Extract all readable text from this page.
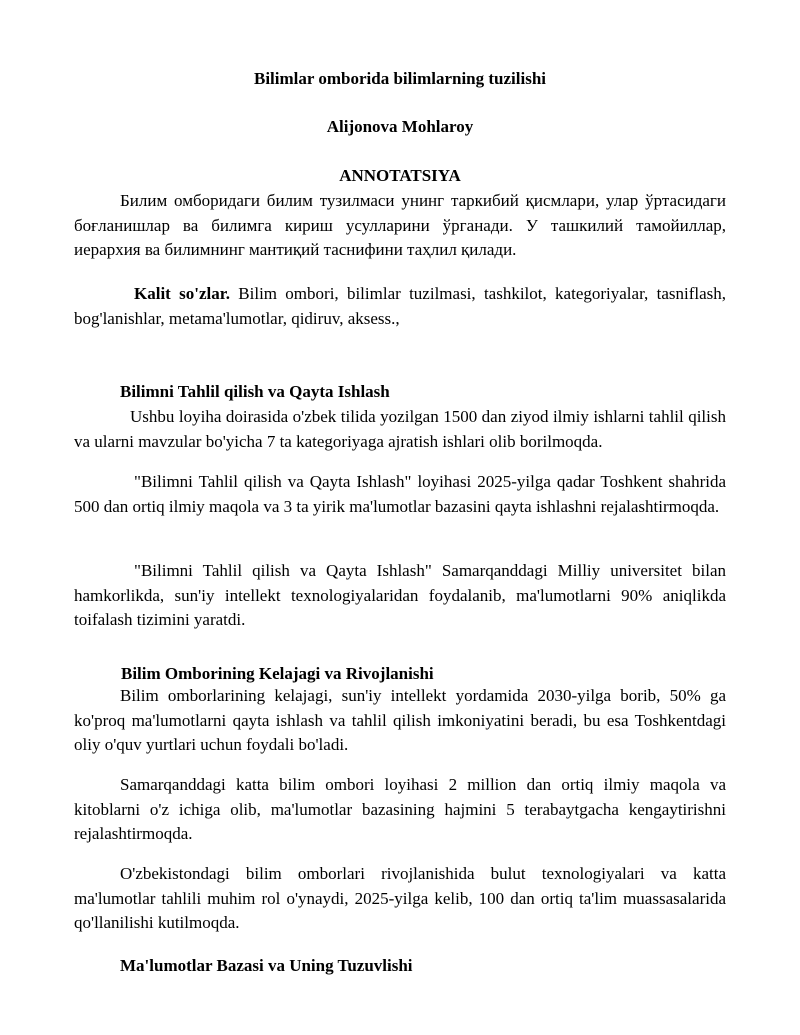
Bilimlar omborida bilimlarning tuzilishi
Alijonova Mohlaroy
ANNOTATSIYA
Билим омборидаги билим тузилмаси унинг таркибий қисмлари, улар ўртасидаги боғланишлар ва билимга кириш усулларини ўрганади. У ташкилий тамойиллар, иерархия ва билимнинг мантиқий таснифини таҳлил қилади.
Kalit so'zlar. Bilim ombori, bilimlar tuzilmasi, tashkilot, kategoriyalar, tasniflash, bog'lanishlar, metama'lumotlar, qidiruv, aksess.,
Bilimni Tahlil qilish va Qayta Ishlash
Ushbu loyiha doirasida o'zbek tilida yozilgan 1500 dan ziyod ilmiy ishlarni tahlil qilish va ularni mavzular bo'yicha 7 ta kategoriyaga ajratish ishlari olib borilmoqda.
"Bilimni Tahlil qilish va Qayta Ishlash" loyihasi 2025-yilga qadar Toshkent shahrida 500 dan ortiq ilmiy maqola va 3 ta yirik ma'lumotlar bazasini qayta ishlashni rejalashtirmoqda.
"Bilimni Tahlil qilish va Qayta Ishlash" Samarqanddagi Milliy universitet bilan hamkorlikda, sun'iy intellekt texnologiyalaridan foydalanib, ma'lumotlarni 90% aniqlikda toifalash tizimini yaratdi.
Bilim Omborining Kelajagi va Rivojlanishi
Bilim omborlarining kelajagi, sun'iy intellekt yordamida 2030-yilga borib, 50% ga ko'proq ma'lumotlarni qayta ishlash va tahlil qilish imkoniyatini beradi, bu esa Toshkentdagi oliy o'quv yurtlari uchun foydali bo'ladi.
Samarqanddagi katta bilim ombori loyihasi 2 million dan ortiq ilmiy maqola va kitoblarni o'z ichiga olib, ma'lumotlar bazasining hajmini 5 terabaytgacha kengaytirishni rejalashtirmoqda.
O'zbekistondagi bilim omborlari rivojlanishida bulut texnologiyalari va katta ma'lumotlar tahlili muhim rol o'ynaydi, 2025-yilga kelib, 100 dan ortiq ta'lim muassasalarida qo'llanilishi kutilmoqda.
Ma'lumotlar Bazasi va Uning Tuzuvlishi
